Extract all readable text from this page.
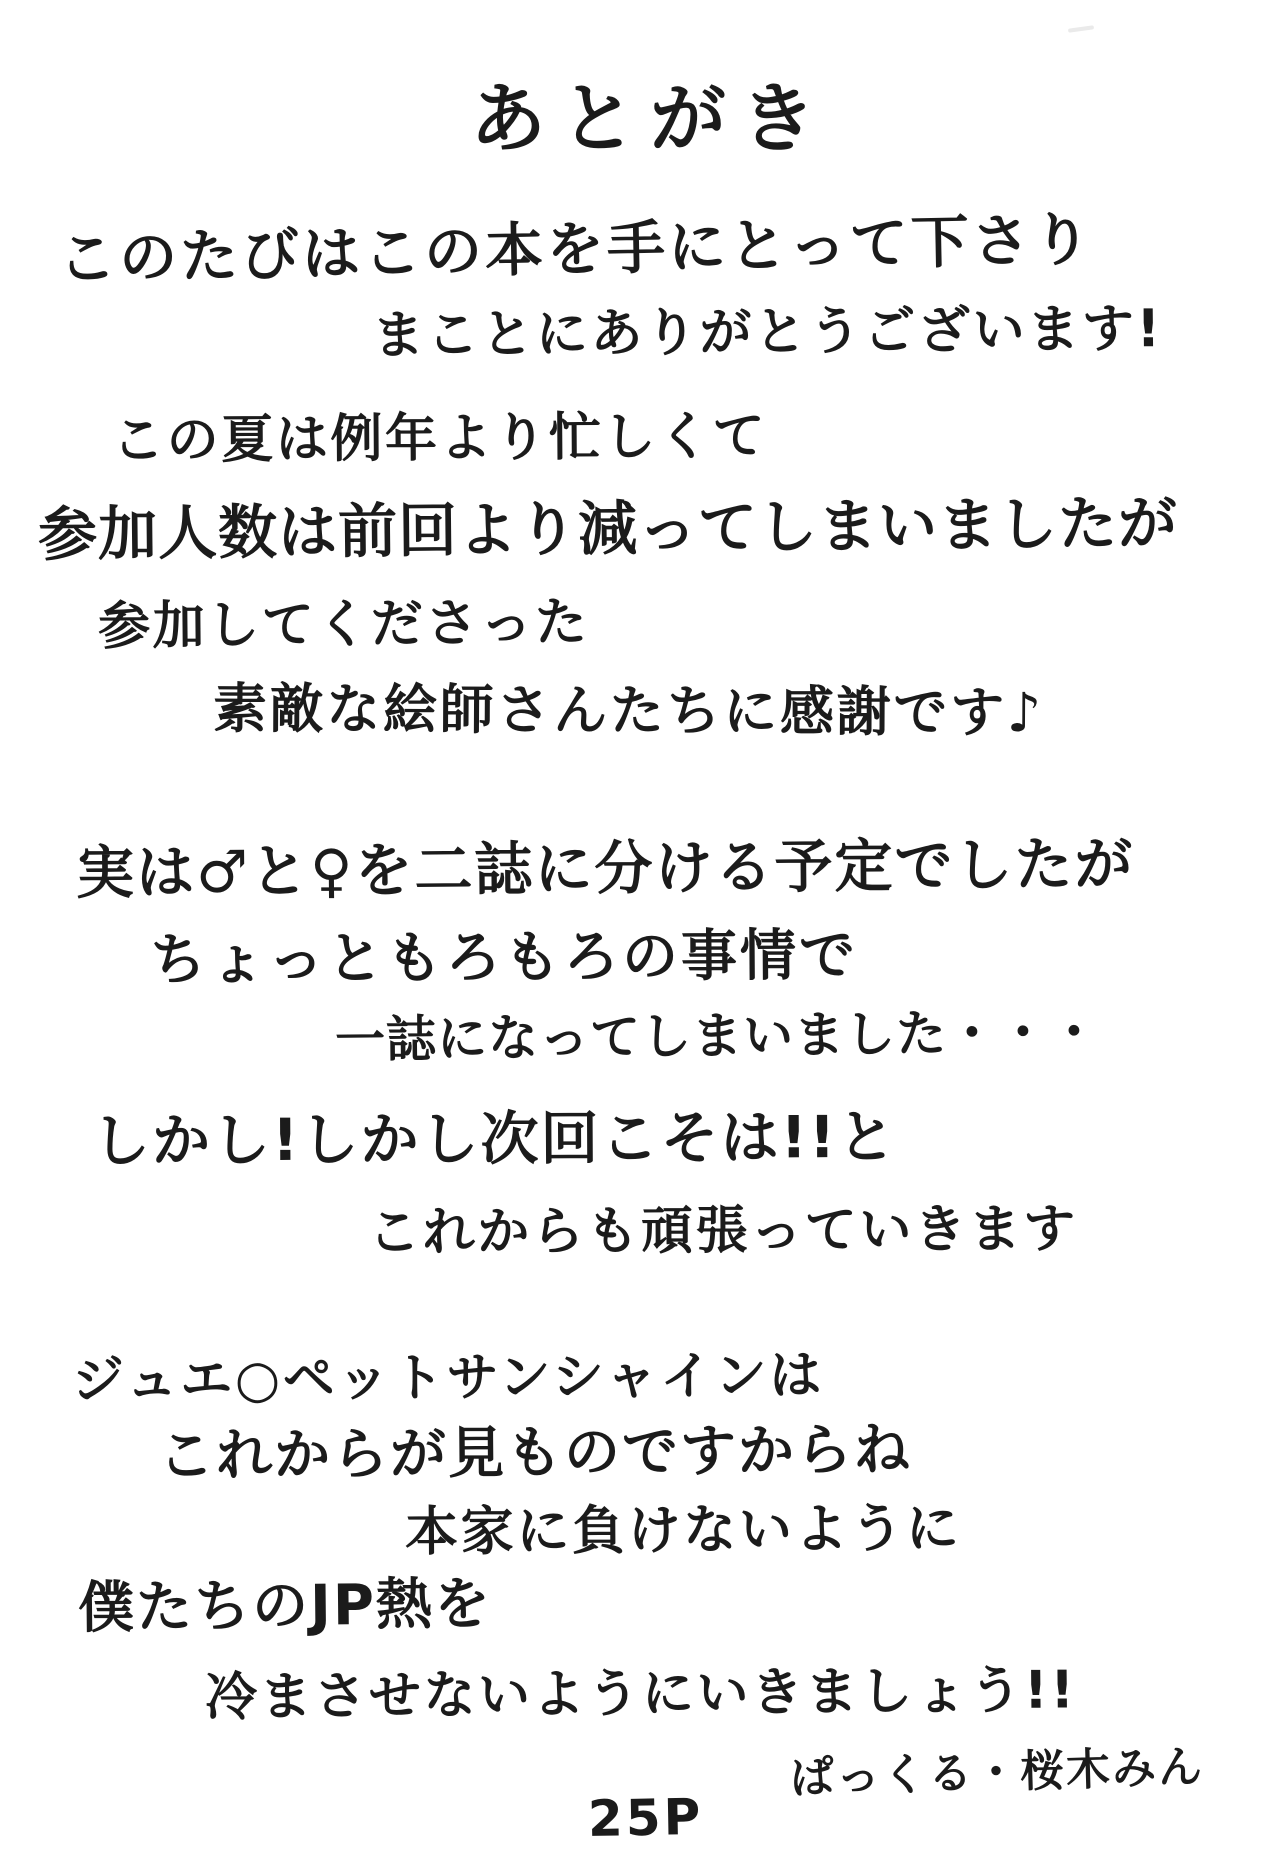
あとがき
このたびはこの本を手にとって下さり
まことにありがとうございます!
この夏は例年より忙しくて
参加人数は前回より減ってしまいましたが
参加してくださった
素敵な絵師さんたちに感謝です♪
実は♂と♀を二誌に分ける予定でしたが
ちょっともろもろの事情で
一誌になってしまいました・・・
しかし!しかし次回こそは!!と
これからも頑張っていきます
ジュエ○ペットサンシャインは
これからが見ものですからね
本家に負けないように
僕たちのJP熱を
冷まさせないようにいきましょう!!
ぱっくる・桜木みん
25P
